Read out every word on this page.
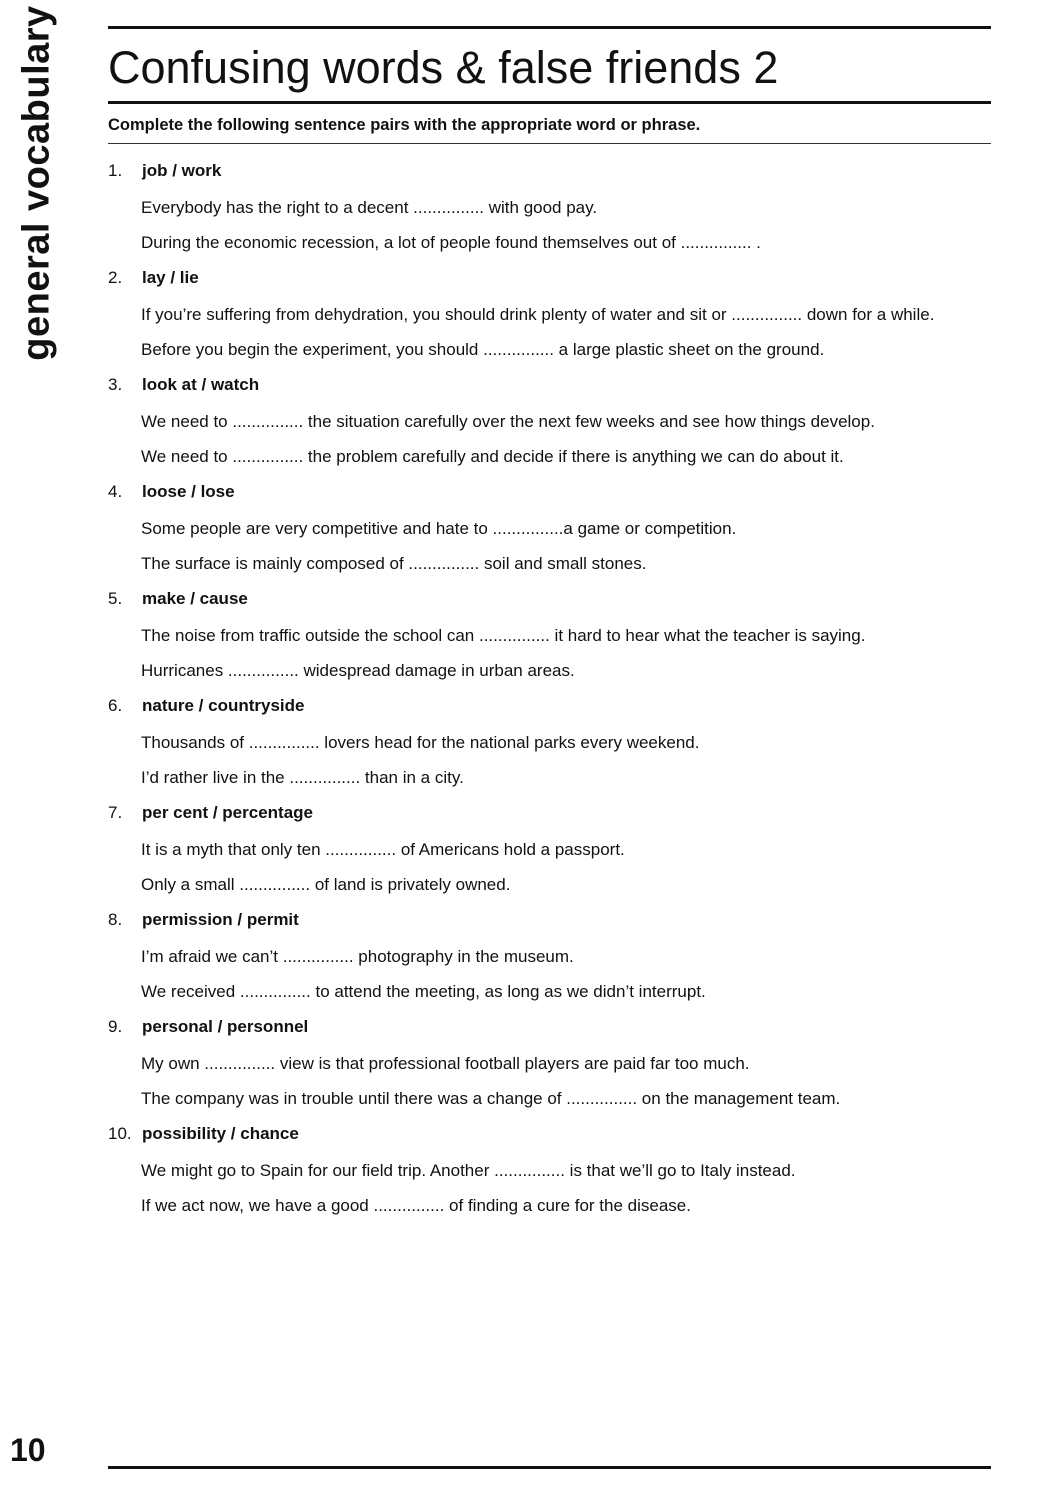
general vocabulary Confusing words & false friends 2
Complete the following sentence pairs with the appropriate word or phrase.
1. job / work
Everybody has the right to a decent ............... with good pay.
During the economic recession, a lot of people found themselves out of ............... .
2. lay / lie
If you’re suffering from dehydration, you should drink plenty of water and sit or ............... down for a while.
Before you begin the experiment, you should ............... a large plastic sheet on the ground.
3. look at / watch
We need to ............... the situation carefully over the next few weeks and see how things develop.
We need to ............... the problem carefully and decide if there is anything we can do about it.
4. loose / lose
Some people are very competitive and hate to ...............a game or competition.
The surface is mainly composed of ............... soil and small stones.
5. make / cause
The noise from traffic outside the school can ............... it hard to hear what the teacher is saying.
Hurricanes ............... widespread damage in urban areas.
6. nature / countryside
Thousands of ............... lovers head for the national parks every weekend.
I’d rather live in the ............... than in a city.
7. per cent / percentage
It is a myth that only ten ............... of Americans hold a passport.
Only a small ............... of land is privately owned.
8. permission / permit
I’m afraid we can’t ............... photography in the museum.
We received ............... to attend the meeting, as long as we didn’t interrupt.
9. personal / personnel
My own ............... view is that professional football players are paid far too much.
The company was in trouble until there was a change of ............... on the management team.
10. possibility / chance
We might go to Spain for our field trip. Another ............... is that we’ll go to Italy instead.
If we act now, we have a good ............... of finding a cure for the disease.
10
